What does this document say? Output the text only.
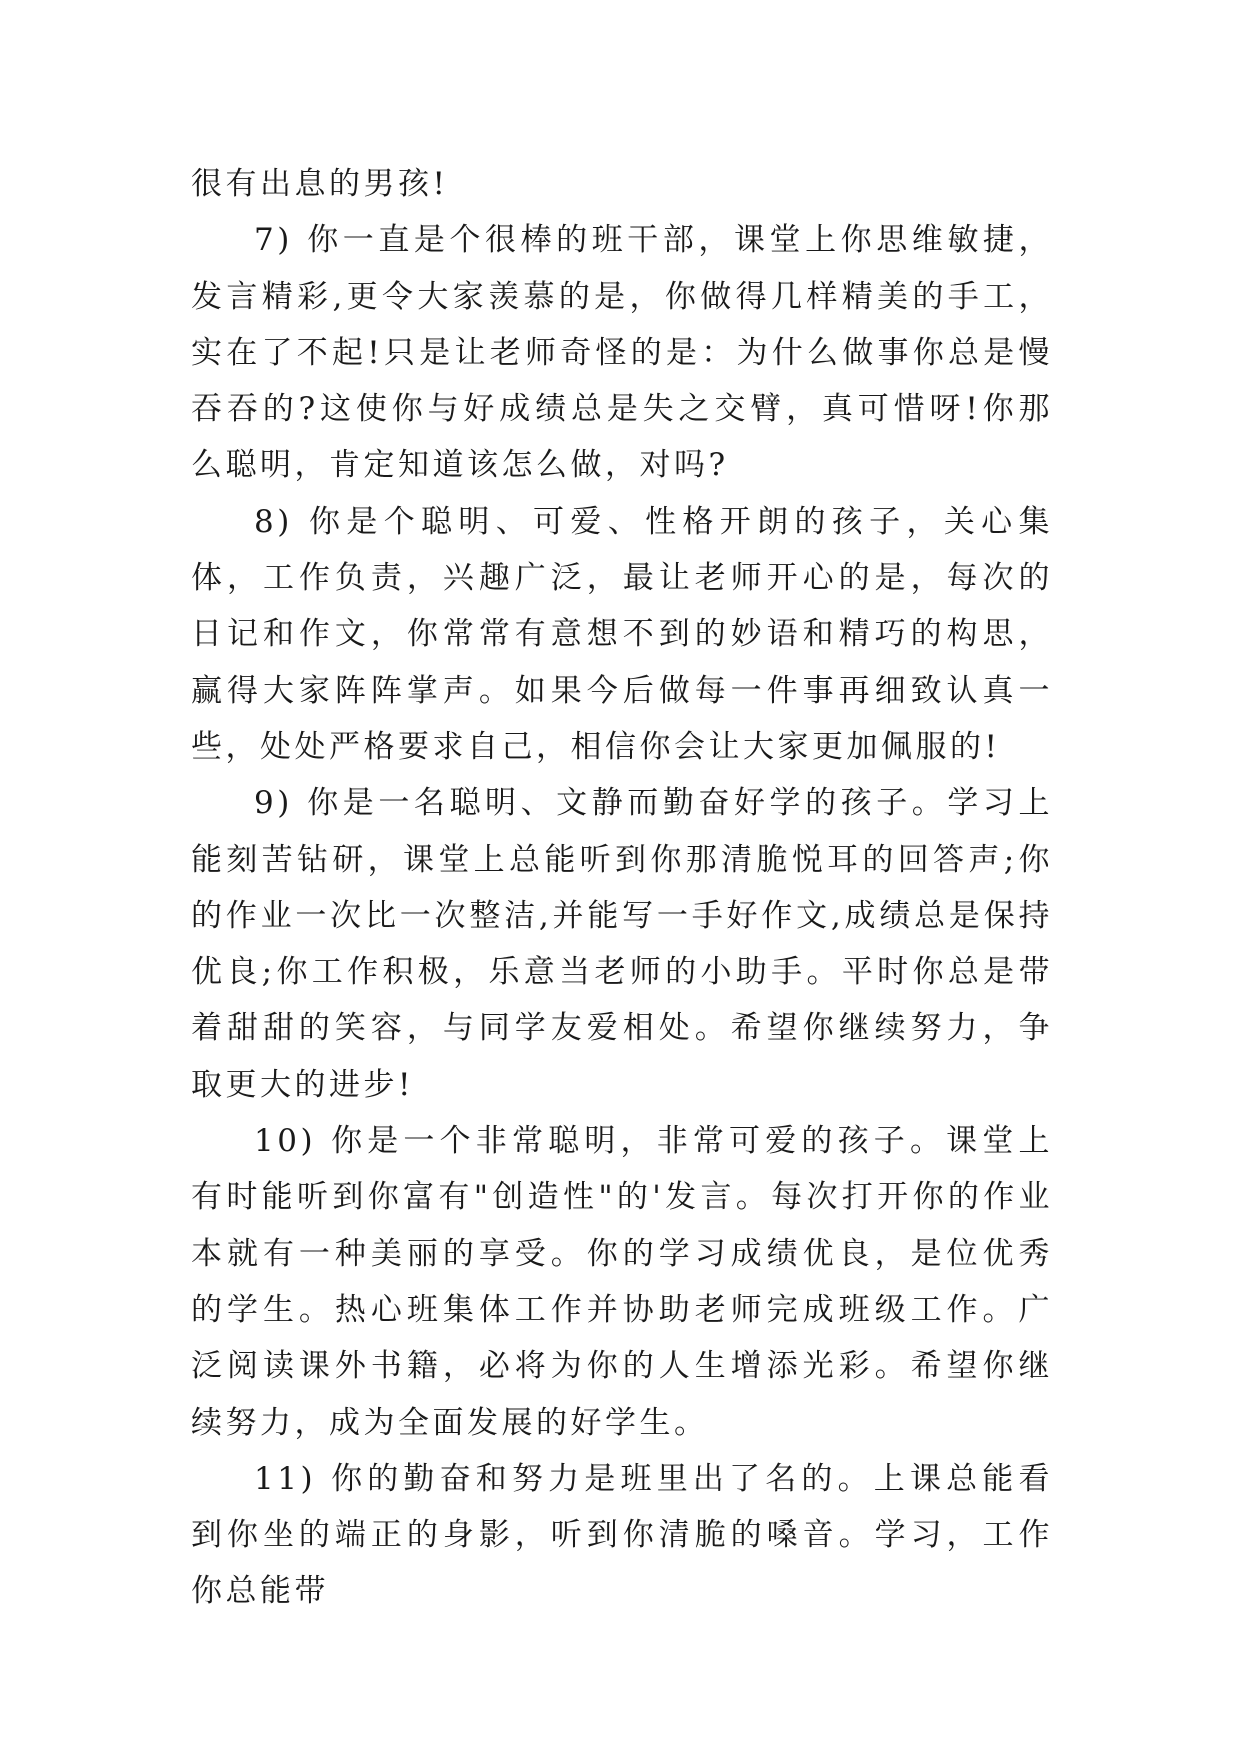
很有出息的男孩!

7) 你一直是个很棒的班干部，课堂上你思维敏捷，发言精彩,更令大家羡慕的是，你做得几样精美的手工，实在了不起!只是让老师奇怪的是：为什么做事你总是慢吞吞的?这使你与好成绩总是失之交臂，真可惜呀!你那么聪明，肯定知道该怎么做，对吗?

8) 你是个聪明、可爱、性格开朗的孩子，关心集体，工作负责，兴趣广泛，最让老师开心的是，每次的日记和作文，你常常有意想不到的妙语和精巧的构思，赢得大家阵阵掌声。如果今后做每一件事再细致认真一些，处处严格要求自己，相信你会让大家更加佩服的!

9) 你是一名聪明、文静而勤奋好学的孩子。学习上能刻苦钻研，课堂上总能听到你那清脆悦耳的回答声;你的作业一次比一次整洁,并能写一手好作文,成绩总是保持优良;你工作积极，乐意当老师的小助手。平时你总是带着甜甜的笑容，与同学友爱相处。希望你继续努力，争取更大的进步!

10) 你是一个非常聪明，非常可爱的孩子。课堂上有时能听到你富有"创造性"的'发言。每次打开你的作业本就有一种美丽的享受。你的学习成绩优良，是位优秀的学生。热心班集体工作并协助老师完成班级工作。广泛阅读课外书籍，必将为你的人生增添光彩。希望你继续努力，成为全面发展的好学生。

11) 你的勤奋和努力是班里出了名的。上课总能看到你坐的端正的身影，听到你清脆的嗓音。学习，工作你总能带
